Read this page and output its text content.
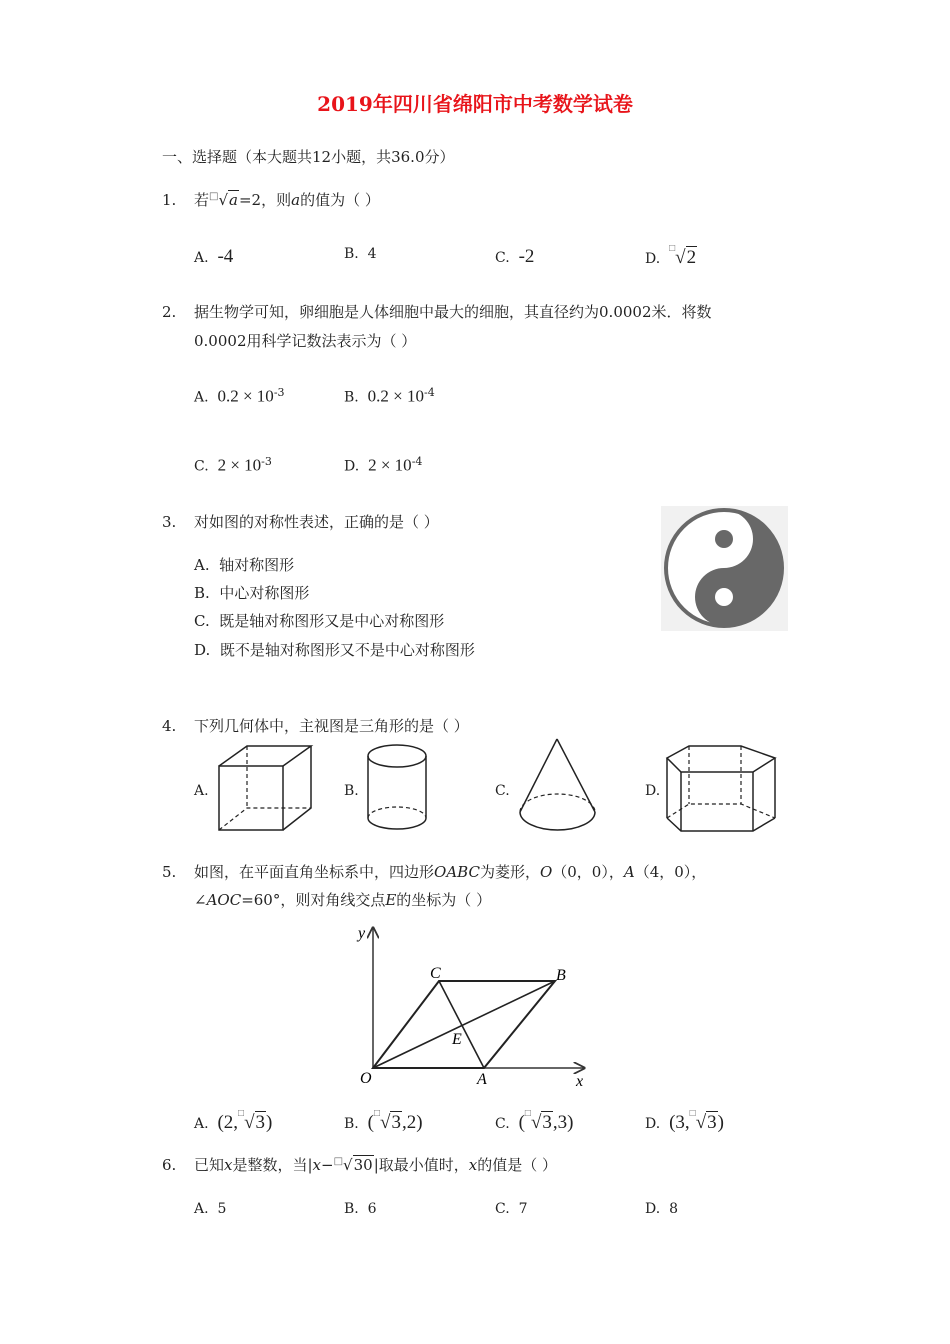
2019年四川省绵阳市中考数学试卷
一、选择题（本大题共12小题，共36.0分）
1. 若□√a=2，则a的值为（ ）
A. -4	B. 4	C. -2	D.  □√2
2. 据生物学可知，卵细胞是人体细胞中最大的细胞，其直径约为0.0002米．将数
0.0002用科学记数法表示为（ ）
A. $0.2 \times 10^{-3}$	B. $0.2 \times 10^{-4}$
C. $2 \times 10^{-3}$	D. $2 \times 10^{-4}$
3. 对如图的对称性表述，正确的是（ ）
A. 轴对称图形
B. 中心对称图形
C. 既是轴对称图形又是中心对称图形
D. 既不是轴对称图形又不是中心对称图形
4. 下列几何体中，主视图是三角形的是（ ）
A.	B.	C.	D.
5. 如图，在平面直角坐标系中，四边形OABC为菱形，O（0，0），A（4，0），
∠AOC=60°，则对角线交点E的坐标为（ ）
y
x
O	A
B
C
E
A. (2,□√3)	B. (□√3,2)	C. (□√3,3)	D. (3,□√3)
6. 已知x是整数，当|x−□√30|取最小值时，x的值是（ ）
A. 5	B. 6	C. 7	D. 8
